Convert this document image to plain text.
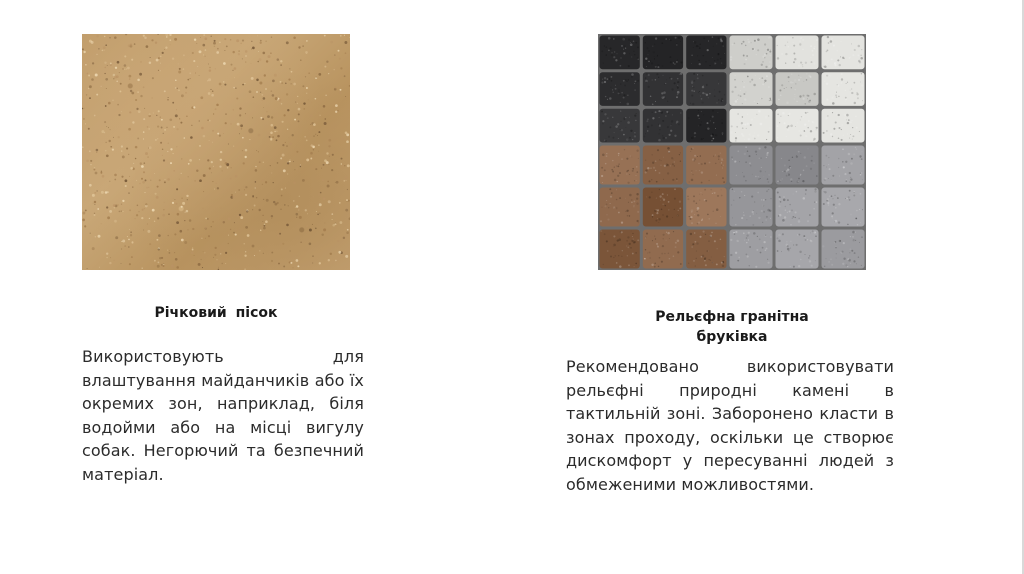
Річковий пісок
Використовують для влаштування майданчиків або їх окремих зон, наприклад, біля водойми або на місці вигулу собак. Негорючий та безпечний матеріал.
Рельєфна гранітна
бруківка
Рекомендовано використовувати рельєфні природні камені в тактильній зоні. Заборонено класти в зонах проходу, оскільки це створює дискомфорт у пересуванні людей з обмеженими можливостями.
